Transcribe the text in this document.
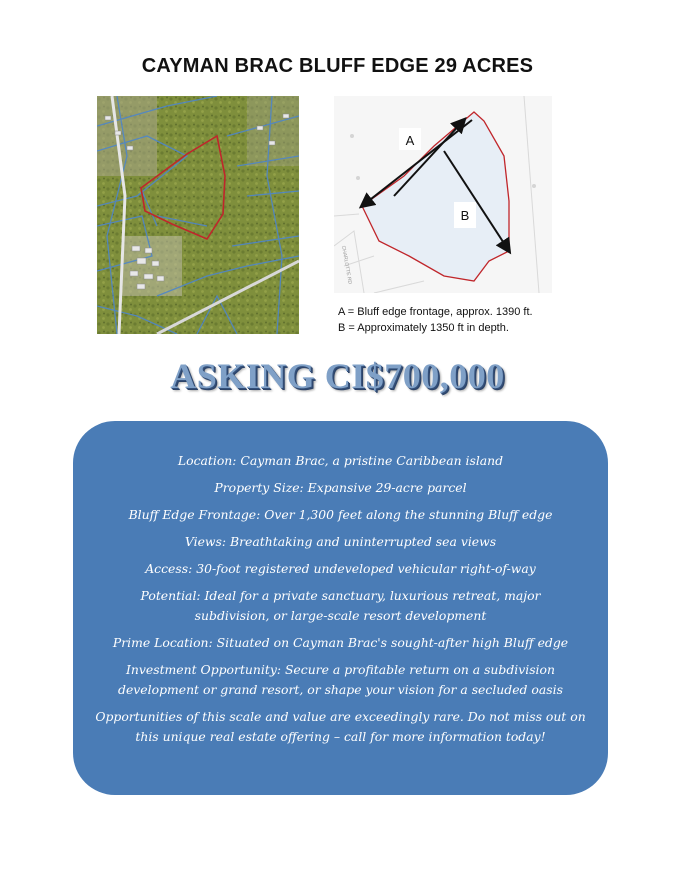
CAYMAN BRAC BLUFF EDGE 29 ACRES
A
B
CHARLOTTE RD
A = Bluff edge frontage, approx. 1390 ft.
B = Approximately 1350 ft in depth.
ASKING CI$700,000

Location: Cayman Brac, a pristine Caribbean island

Property Size: Expansive 29-acre parcel

Bluff Edge Frontage: Over 1,300 feet along the stunning Bluff edge

Views: Breathtaking and uninterrupted sea views

Access: 30-foot registered undeveloped vehicular right-of-way

Potential: Ideal for a private sanctuary, luxurious retreat, major subdivision, or large-scale resort development

Prime Location: Situated on Cayman Brac's sought-after high Bluff edge

Investment Opportunity: Secure a profitable return on a subdivision development or grand resort, or shape your vision for a secluded oasis

Opportunities of this scale and value are exceedingly rare. Do not miss out on this unique real estate offering – call for more information today!
